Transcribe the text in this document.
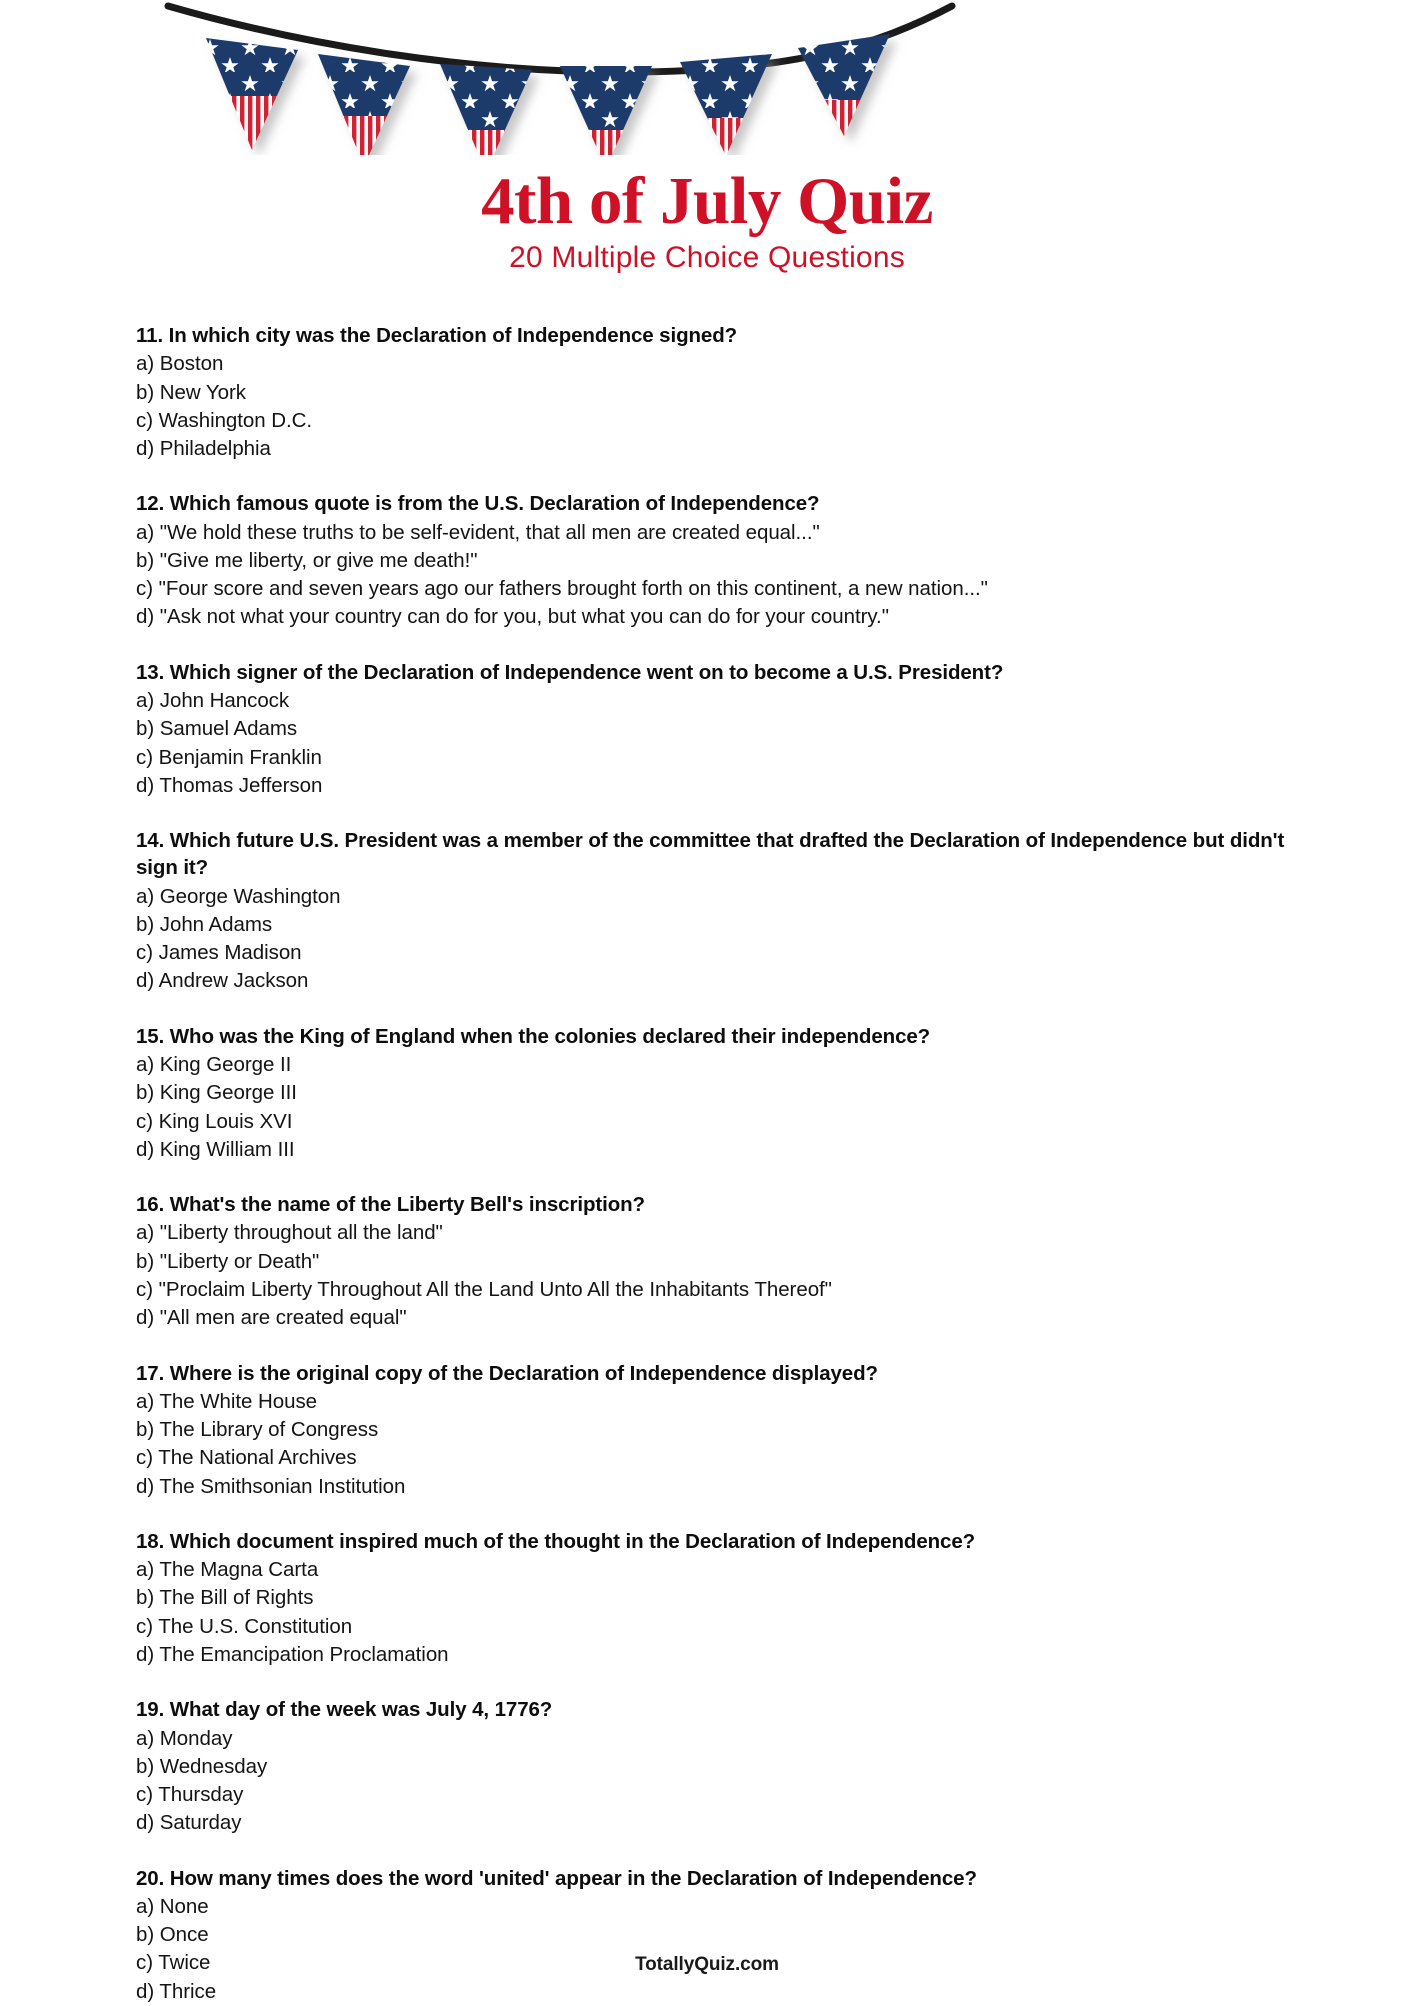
4th of July Quiz

20 Multiple Choice Questions

11. In which city was the Declaration of Independence signed?

a) Boston
b) New York
c) Washington D.C.
d) Philadelphia

12. Which famous quote is from the U.S. Declaration of Independence?

a) "We hold these truths to be self-evident, that all men are created equal..."
b) "Give me liberty, or give me death!"
c) "Four score and seven years ago our fathers brought forth on this continent, a new nation..."
d) "Ask not what your country can do for you, but what you can do for your country."

13. Which signer of the Declaration of Independence went on to become a U.S. President?

a) John Hancock
b) Samuel Adams
c) Benjamin Franklin
d) Thomas Jefferson

14. Which future U.S. President was a member of the committee that drafted the Declaration of Independence but didn't sign it?

a) George Washington
b) John Adams
c) James Madison
d) Andrew Jackson

15. Who was the King of England when the colonies declared their independence?

a) King George II
b) King George III
c) King Louis XVI
d) King William III

16. What's the name of the Liberty Bell's inscription?

a) "Liberty throughout all the land"
b) "Liberty or Death"
c) "Proclaim Liberty Throughout All the Land Unto All the Inhabitants Thereof"
d) "All men are created equal"

17. Where is the original copy of the Declaration of Independence displayed?

a) The White House
b) The Library of Congress
c) The National Archives
d) The Smithsonian Institution

18. Which document inspired much of the thought in the Declaration of Independence?

a) The Magna Carta
b) The Bill of Rights
c) The U.S. Constitution
d) The Emancipation Proclamation

19. What day of the week was July 4, 1776?

a) Monday
b) Wednesday
c) Thursday
d) Saturday

20. How many times does the word 'united' appear in the Declaration of Independence?

a) None
b) Once
c) Twice
d) Thrice
TotallyQuiz.com
